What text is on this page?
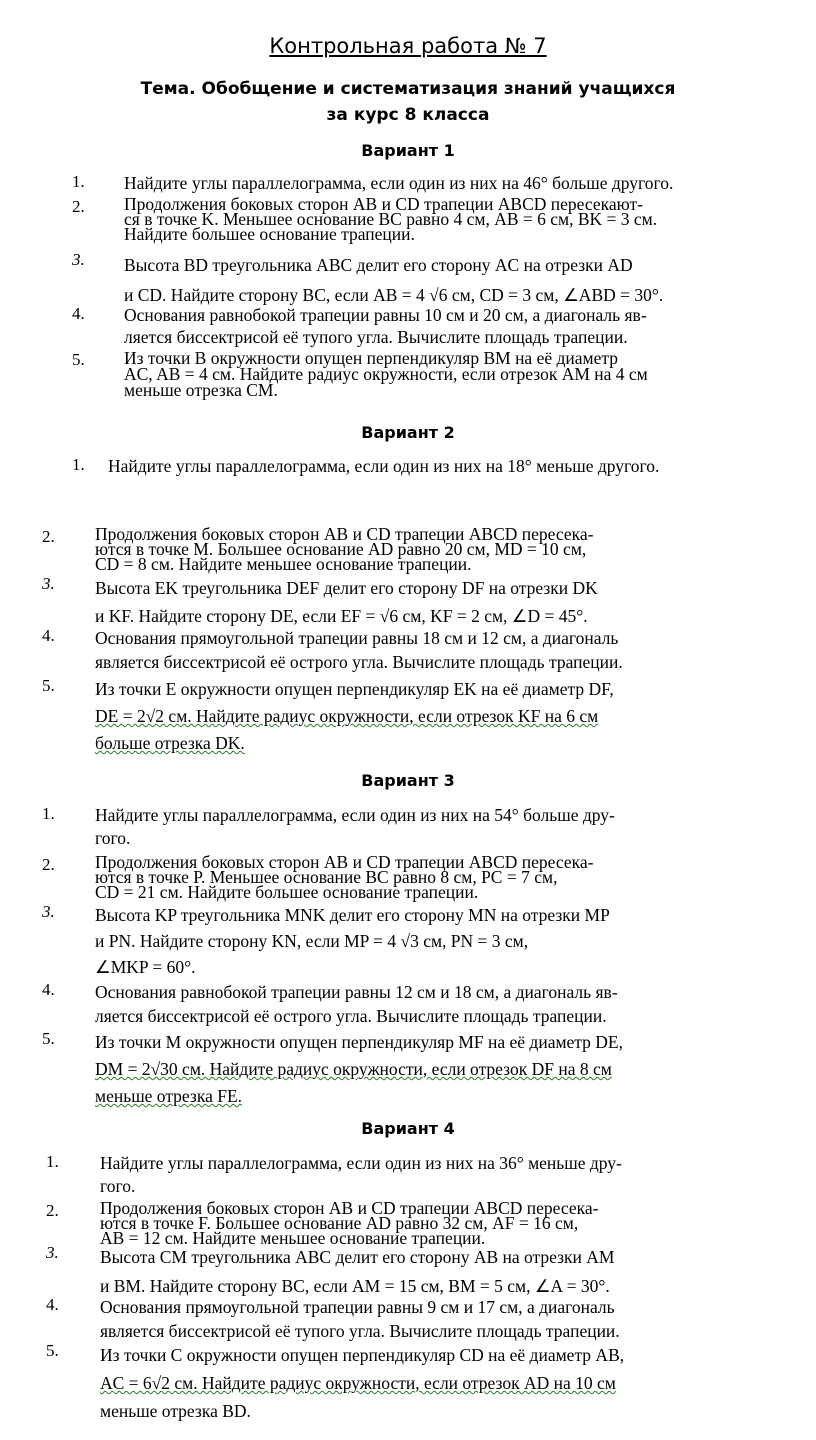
Контрольная работа № 7
Тема. Обобщение и систематизация знаний учащихся
за курс 8 класса
Вариант 1
1. Найдите углы параллелограмма, если один из них на 46° больше другого.
2. Продолжения боковых сторон AB и CD трапеции ABCD пересекают-
ся в точке K. Меньшее основание BC равно 4 см, AB = 6 см, BK = 3 см.
Найдите большее основание трапеции.
3. Высота BD треугольника ABC делит его сторону AC на отрезки AD
и CD. Найдите сторону BC, если AB = 4 √6 см, CD = 3 см, ∠ABD = 30°.
4. Основания равнобокой трапеции равны 10 см и 20 см, а диагональ яв-
ляется биссектрисой её тупого угла. Вычислите площадь трапеции.
5. Из точки B окружности опущен перпендикуляр BM на её диаметр
AC, AB = 4 см. Найдите радиус окружности, если отрезок AM на 4 см
меньше отрезка CM.
Вариант 2
1. Найдите углы параллелограмма, если один из них на 18° меньше другого.
2. Продолжения боковых сторон AB и CD трапеции ABCD пересека-
ются в точке M. Большее основание AD равно 20 см, MD = 10 см,
CD = 8 см. Найдите меньшее основание трапеции.
3. Высота EK треугольника DEF делит его сторону DF на отрезки DK
и KF. Найдите сторону DE, если EF = √6 см, KF = 2 см, ∠D = 45°.
4. Основания прямоугольной трапеции равны 18 см и 12 см, а диагональ
является биссектрисой её острого угла. Вычислите площадь трапеции.
5. Из точки E окружности опущен перпендикуляр EK на её диаметр DF,
DE = 2√2 см. Найдите радиус окружности, если отрезок KF на 6 см
больше отрезка DK.
Вариант 3
1. Найдите углы параллелограмма, если один из них на 54° больше дру-
гого.
2. Продолжения боковых сторон AB и CD трапеции ABCD пересека-
ются в точке P. Меньшее основание BC равно 8 см, PC = 7 см,
CD = 21 см. Найдите большее основание трапеции.
3. Высота KP треугольника MNK делит его сторону MN на отрезки MP
и PN. Найдите сторону KN, если MP = 4 √3 см, PN = 3 см,
∠MKP = 60°.
4. Основания равнобокой трапеции равны 12 см и 18 см, а диагональ яв-
ляется биссектрисой её острого угла. Вычислите площадь трапеции.
5. Из точки M окружности опущен перпендикуляр MF на её диаметр DE,
DM = 2√30 см. Найдите радиус окружности, если отрезок DF на 8 см
меньше отрезка FE.
Вариант 4
1. Найдите углы параллелограмма, если один из них на 36° меньше дру-
гого.
2. Продолжения боковых сторон AB и CD трапеции ABCD пересека-
ются в точке F. Большее основание AD равно 32 см, AF = 16 см,
AB = 12 см. Найдите меньшее основание трапеции.
3. Высота CM треугольника ABC делит его сторону AB на отрезки AM
и BM. Найдите сторону BC, если AM = 15 см, BM = 5 см, ∠A = 30°.
4. Основания прямоугольной трапеции равны 9 см и 17 см, а диагональ
является биссектрисой её тупого угла. Вычислите площадь трапеции.
5. Из точки C окружности опущен перпендикуляр CD на её диаметр AB,
AC = 6√2 см. Найдите радиус окружности, если отрезок AD на 10 см
меньше отрезка BD.
